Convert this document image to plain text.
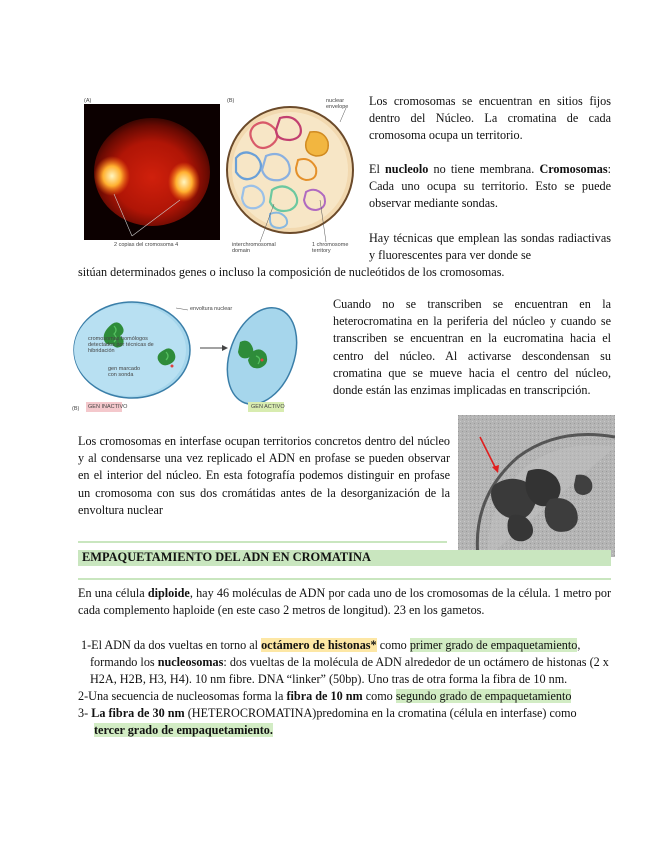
(A)
2 copias del cromosoma 4
(B)	nuclear envelope
interchromosomal domain
1 chromosome territory

Los cromosomas se encuentran en sitios fijos dentro del Núcleo. La cromatina de cada cromosoma ocupa un territorio.

El nucleolo no tiene membrana. Cromosomas: Cada uno ocupa su territorio. Esto se puede observar mediante sondas.

Hay técnicas que emplean las sondas radiactivas y fluorescentes para ver donde se

sitúan determinados genes o incluso la composición de nucleótidos de los cromosomas.

envoltura nuclear
cromosomas homólogos detectados por técnicas de hibridación
gen marcado con sonda
GEN INACTIVO	GEN ACTIVO
(B)

Cuando no se transcriben se encuentran en la heterocromatina en la periferia del núcleo y cuando se transcriben se encuentran en la eucromatina hacia el centro del núcleo. Al activarse descondensan su cromatina que se mueve hacia el centro del núcleo, donde están las enzimas implicadas en transcripción.

Los cromosomas en interfase ocupan territorios concretos dentro del núcleo y al condensarse una vez replicado el ADN en profase se pueden observar en el interior del núcleo. En esta fotografía podemos distinguir en profase un cromosoma con sus dos cromátidas antes de la desorganización de la envoltura nuclear

EMPAQUETAMIENTO DEL ADN EN CROMATINA

En una célula diploide, hay 46 moléculas de ADN por cada uno de los cromosomas de la célula. 1 metro por cada complemento haploide (en este caso 2 metros de longitud). 23 en los gametos.

1-El ADN da dos vueltas en torno al octámero de histonas* como primer grado de empaquetamiento,

formando los nucleosomas: dos vueltas de la molécula de ADN alrededor de un octámero de histonas (2 x H2A, H2B, H3, H4). 10 nm fibre. DNA “linker” (50bp). Uno tras de otra forma la fibra de 10 nm.

2-Una secuencia de nucleosomas forma la fibra de 10 nm como segundo grado de empaquetamiento

3- La fibra de 30 nm (HETEROCROMATINA)predomina en la cromatina (célula en interfase) como

tercer grado de empaquetamiento.
